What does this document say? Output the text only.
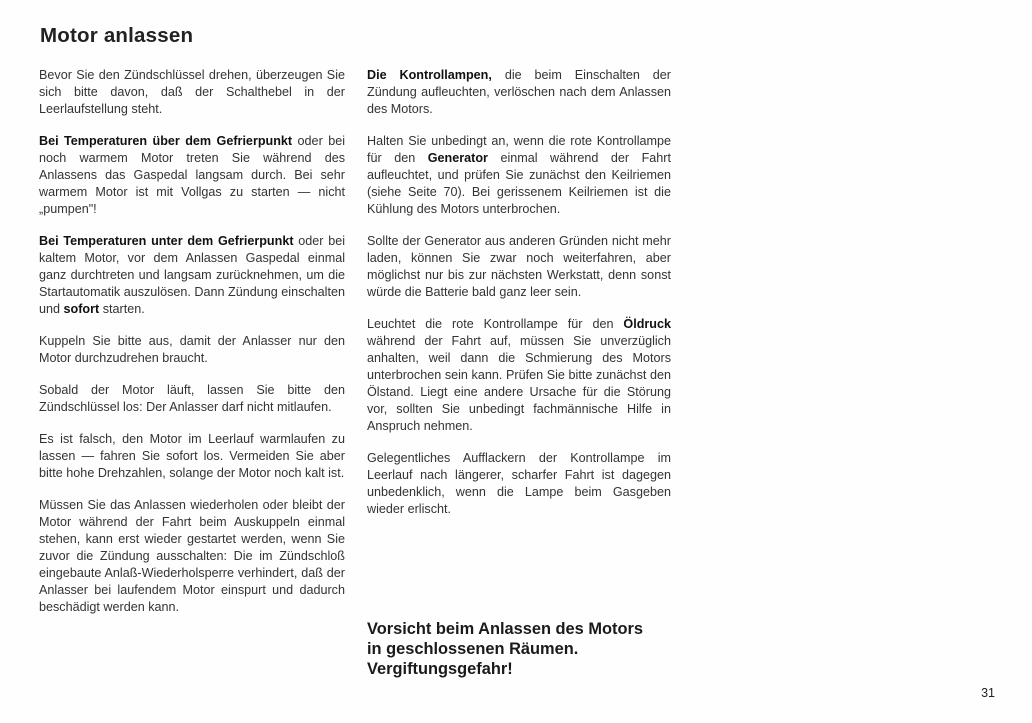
Motor anlassen

Bevor Sie den Zündschlüssel drehen, überzeugen Sie sich bitte davon, daß der Schalthebel in der Leerlaufstellung steht.

Bei Temperaturen über dem Gefrierpunkt oder bei noch warmem Motor treten Sie während des Anlassens das Gaspedal langsam durch. Bei sehr warmem Motor ist mit Vollgas zu starten — nicht „pumpen"!

Bei Temperaturen unter dem Gefrierpunkt oder bei kaltem Motor, vor dem Anlassen Gaspedal einmal ganz durchtreten und langsam zurücknehmen, um die Startautomatik auszulösen. Dann Zündung einschalten und sofort starten.

Kuppeln Sie bitte aus, damit der Anlasser nur den Motor durchzudrehen braucht.

Sobald der Motor läuft, lassen Sie bitte den Zündschlüssel los: Der Anlasser darf nicht mitlaufen.

Es ist falsch, den Motor im Leerlauf warmlaufen zu lassen — fahren Sie sofort los. Vermeiden Sie aber bitte hohe Drehzahlen, solange der Motor noch kalt ist.

Müssen Sie das Anlassen wiederholen oder bleibt der Motor während der Fahrt beim Auskuppeln einmal stehen, kann erst wieder gestartet werden, wenn Sie zuvor die Zündung ausschalten: Die im Zündschloß eingebaute Anlaß-Wiederholsperre verhindert, daß der Anlasser bei laufendem Motor einspurt und dadurch beschädigt werden kann.

Die Kontrollampen, die beim Einschalten der Zündung aufleuchten, verlöschen nach dem Anlassen des Motors.

Halten Sie unbedingt an, wenn die rote Kontrollampe für den Generator einmal während der Fahrt aufleuchtet, und prüfen Sie zunächst den Keilriemen (siehe Seite 70). Bei gerissenem Keilriemen ist die Kühlung des Motors unterbrochen.

Sollte der Generator aus anderen Gründen nicht mehr laden, können Sie zwar noch weiterfahren, aber möglichst nur bis zur nächsten Werkstatt, denn sonst würde die Batterie bald ganz leer sein.

Leuchtet die rote Kontrollampe für den Öldruck während der Fahrt auf, müssen Sie unverzüglich anhalten, weil dann die Schmierung des Motors unterbrochen sein kann. Prüfen Sie bitte zunächst den Ölstand. Liegt eine andere Ursache für die Störung vor, sollten Sie unbedingt fachmännische Hilfe in Anspruch nehmen.

Gelegentliches Aufflackern der Kontrollampe im Leerlauf nach längerer, scharfer Fahrt ist dagegen unbedenklich, wenn die Lampe beim Gasgeben wieder erlischt.

Vorsicht beim Anlassen des Motors
in geschlossenen Räumen.
Vergiftungsgefahr!
31
